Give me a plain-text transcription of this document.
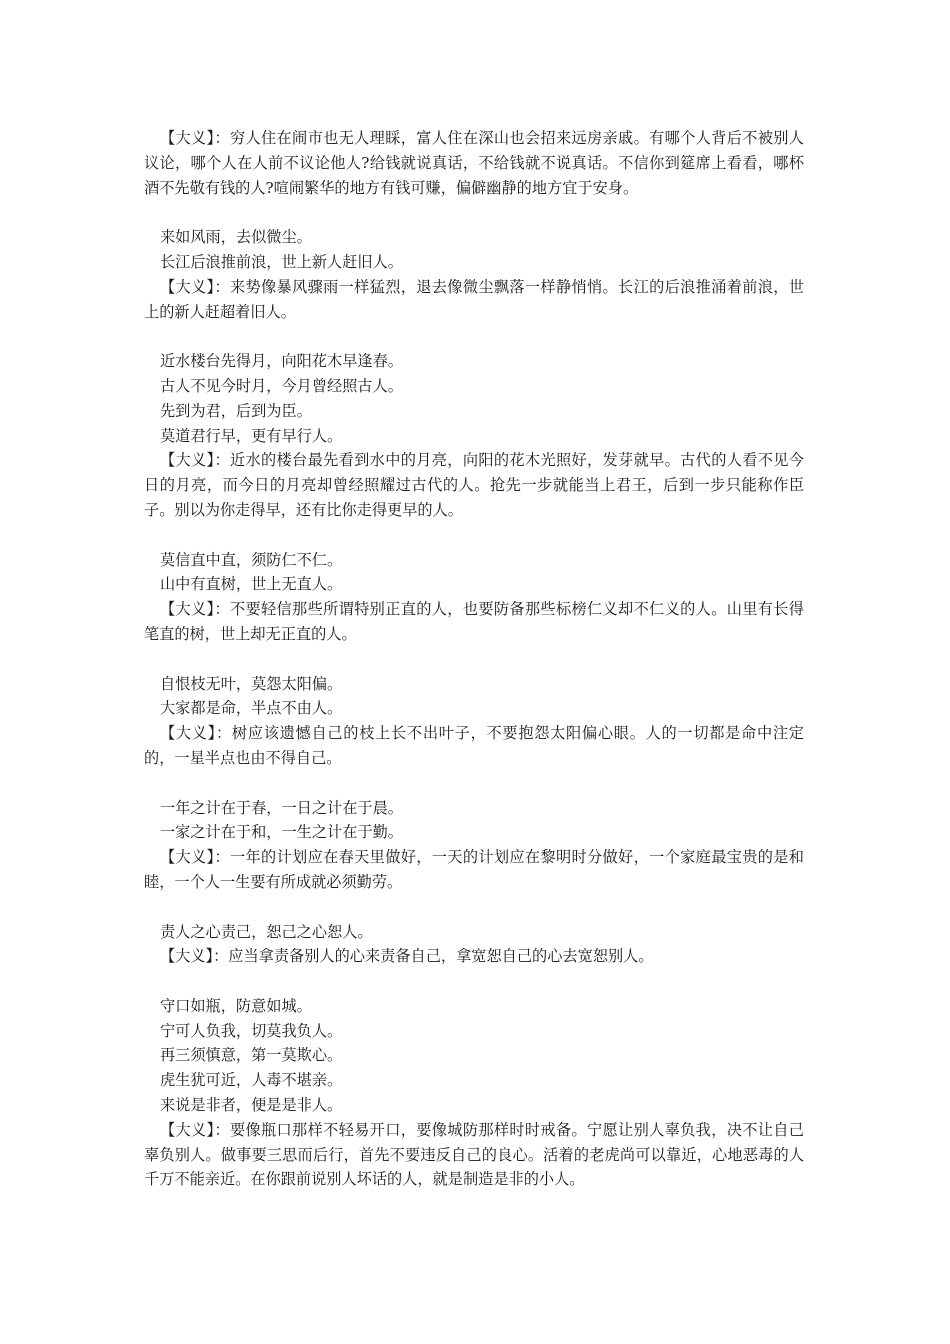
【大义】：穷人住在闹市也无人理睬，富人住在深山也会招来远房亲戚。有哪个人背后不被别人议论，哪个人在人前不议论他人?给钱就说真话，不给钱就不说真话。不信你到筵席上看看，哪杯酒不先敬有钱的人?喧闹繁华的地方有钱可赚，偏僻幽静的地方宜于安身。

来如风雨，去似微尘。

长江后浪推前浪，世上新人赶旧人。

【大义】：来势像暴风骤雨一样猛烈，退去像微尘飘落一样静悄悄。长江的后浪推涌着前浪，世上的新人赶超着旧人。

近水楼台先得月，向阳花木早逢春。

古人不见今时月，今月曾经照古人。

先到为君，后到为臣。

莫道君行早，更有早行人。

【大义】：近水的楼台最先看到水中的月亮，向阳的花木光照好，发芽就早。古代的人看不见今日的月亮，而今日的月亮却曾经照耀过古代的人。抢先一步就能当上君王，后到一步只能称作臣子。别以为你走得早，还有比你走得更早的人。

莫信直中直，须防仁不仁。

山中有直树，世上无直人。

【大义】：不要轻信那些所谓特别正直的人，也要防备那些标榜仁义却不仁义的人。山里有长得笔直的树，世上却无正直的人。

自恨枝无叶，莫怨太阳偏。

大家都是命，半点不由人。

【大义】：树应该遗憾自己的枝上长不出叶子，不要抱怨太阳偏心眼。人的一切都是命中注定的，一星半点也由不得自己。

一年之计在于春，一日之计在于晨。

一家之计在于和，一生之计在于勤。

【大义】：一年的计划应在春天里做好，一天的计划应在黎明时分做好，一个家庭最宝贵的是和睦，一个人一生要有所成就必须勤劳。

责人之心责己，恕己之心恕人。

【大义】：应当拿责备别人的心来责备自己，拿宽恕自己的心去宽恕别人。

守口如瓶，防意如城。

宁可人负我，切莫我负人。

再三须慎意，第一莫欺心。

虎生犹可近，人毒不堪亲。

来说是非者，便是是非人。

【大义】：要像瓶口那样不轻易开口，要像城防那样时时戒备。宁愿让别人辜负我，决不让自己辜负别人。做事要三思而后行，首先不要违反自己的良心。活着的老虎尚可以靠近，心地恶毒的人千万不能亲近。在你跟前说别人坏话的人，就是制造是非的小人。
